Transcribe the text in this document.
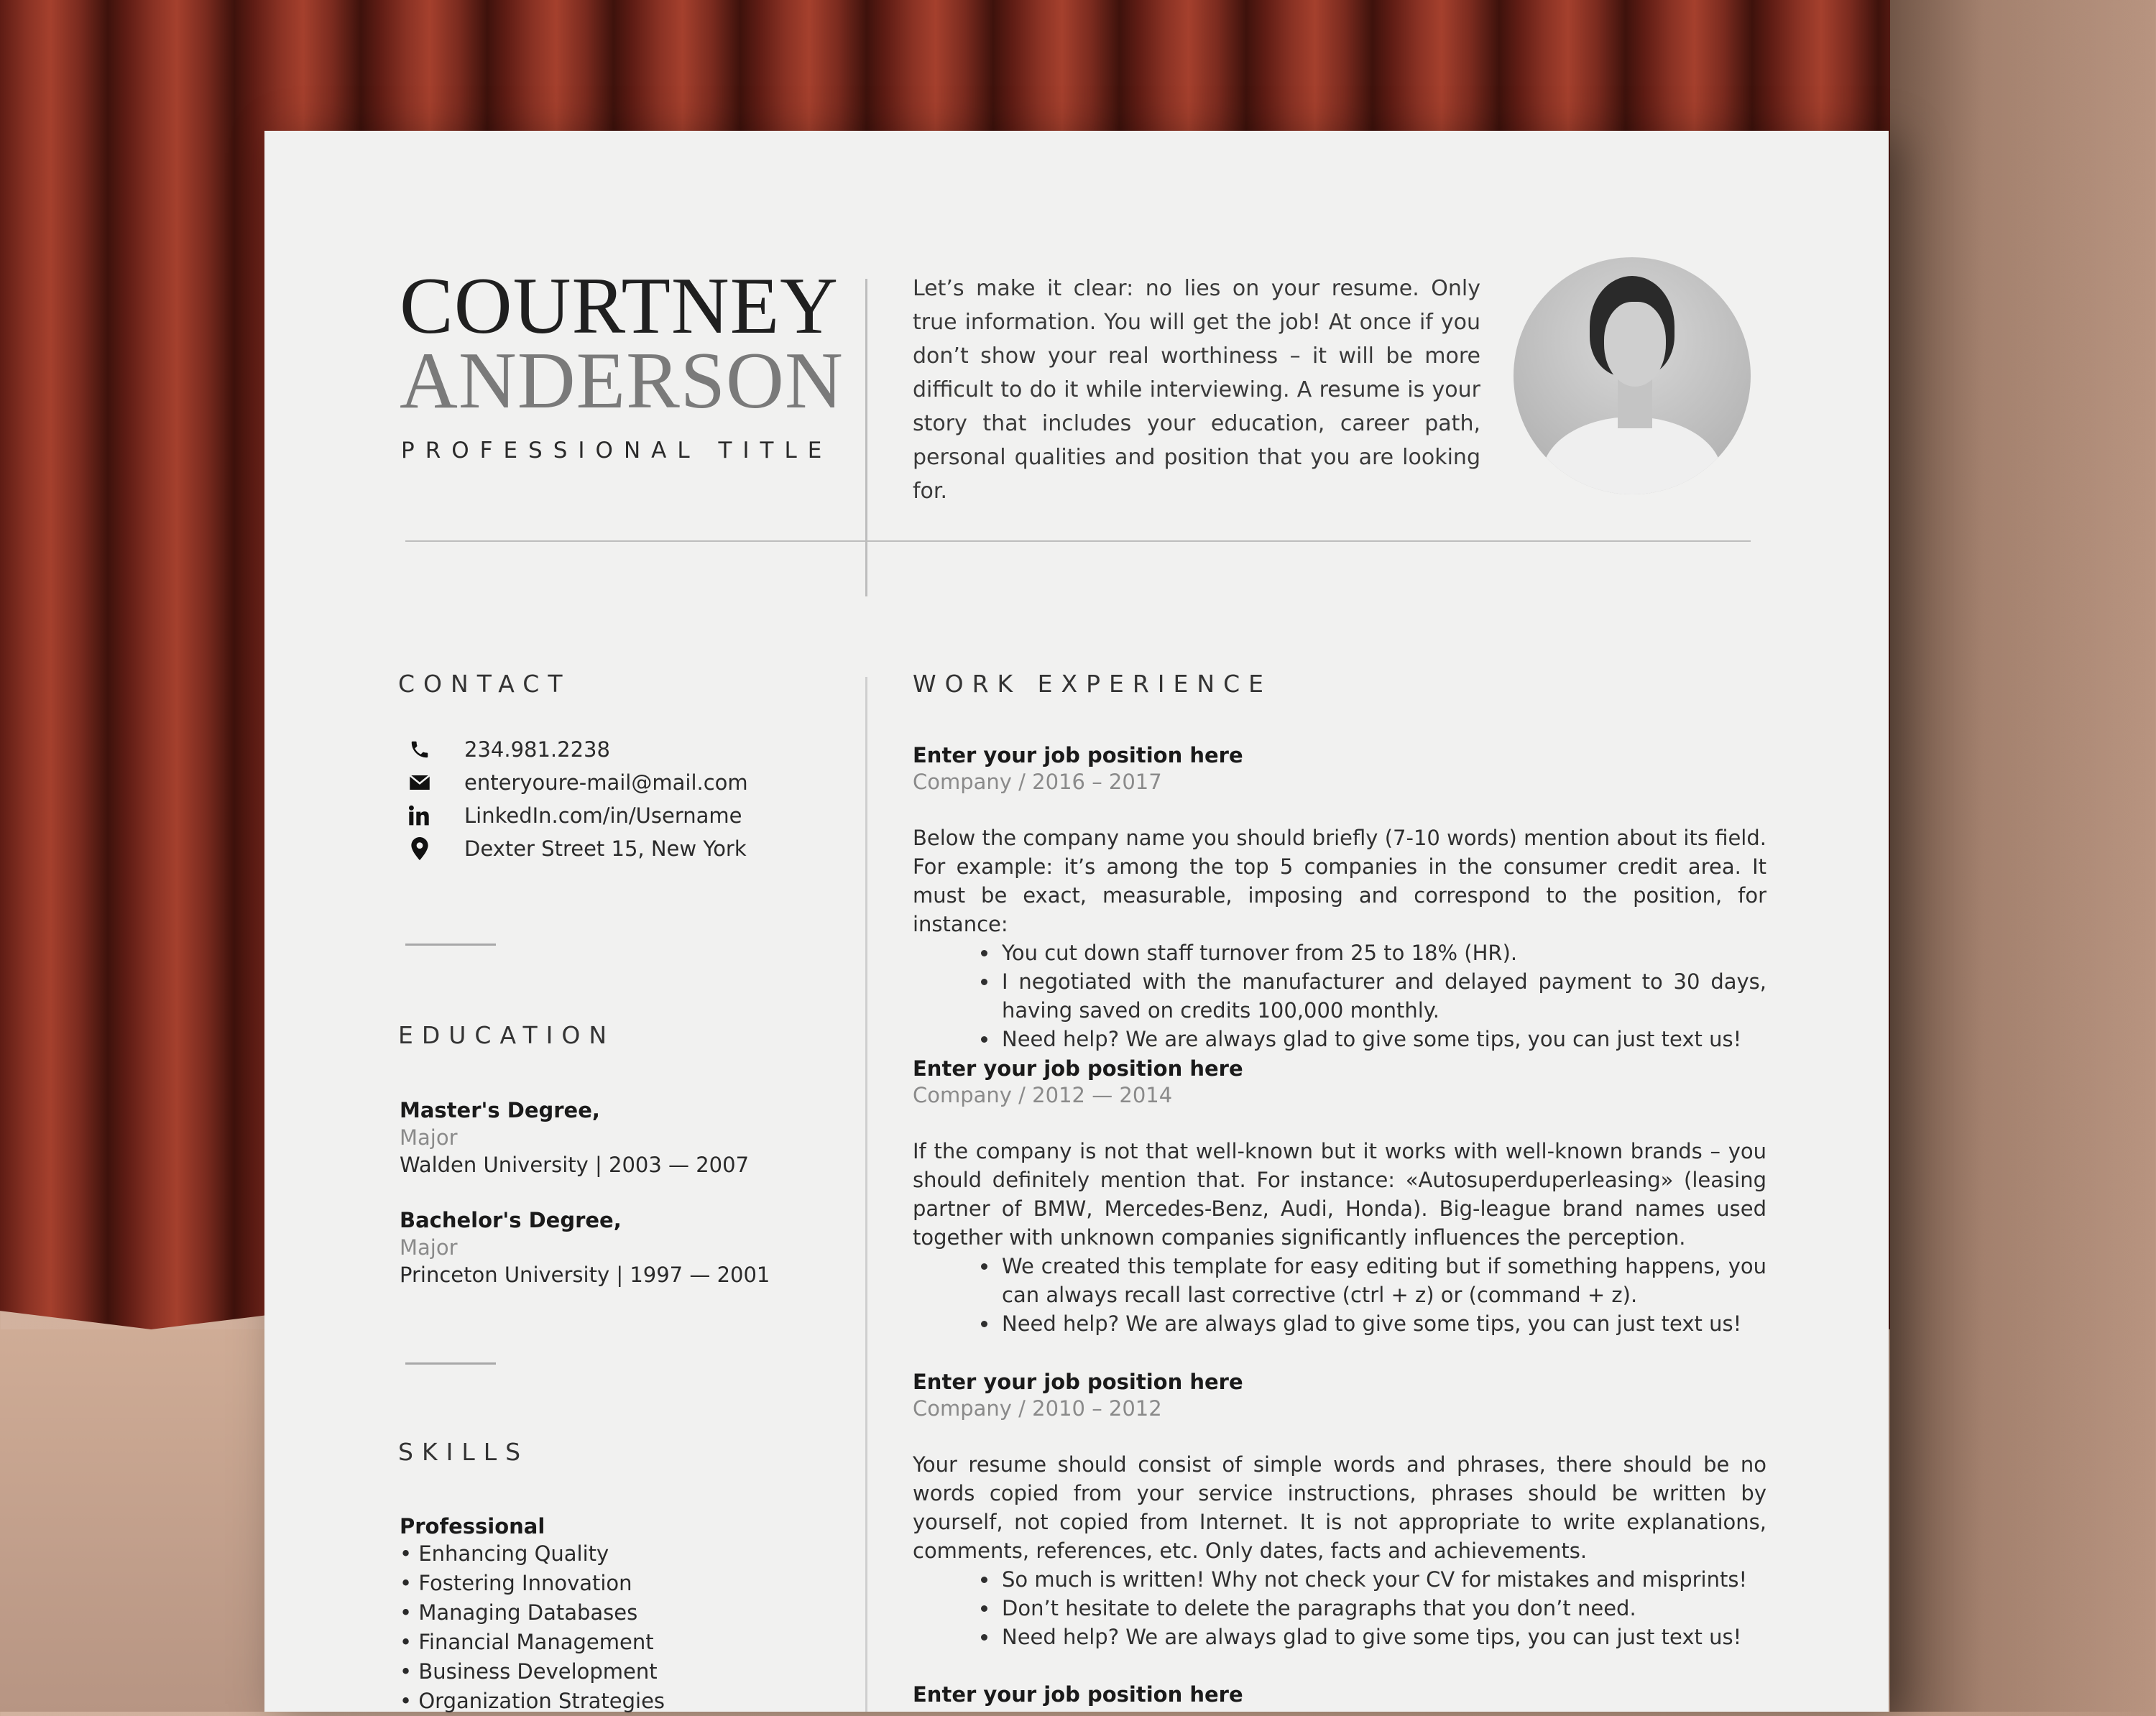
COURTNEY
ANDERSON
PROFESSIONAL TITLE

Let’s make it clear: no lies on your resume. Only true information. You will get the job! At once if you don’t show your real worthiness – it will be more difficult to do it while interviewing. A resume is your story that includes your education, career path, personal qualities and position that you are looking for.

CONTACT
234.981.2238
enteryoure-mail@mail.com
LinkedIn.com/in/Username
Dexter Street 15, New York
EDUCATION
Master's Degree,
Major
Walden University | 2003 — 2007
Bachelor's Degree,
Major
Princeton University | 1997 — 2001
SKILLS
Professional
• Enhancing Quality
• Fostering Innovation
• Managing Databases
• Financial Management
• Business Development
• Organization Strategies
WORK EXPERIENCE
Enter your job position here
Company / 2016 – 2017

Below the company name you should briefly (7-10 words) mention about its field. For example: it’s among the top 5 companies in the consumer credit area. It must be exact, measurable, imposing and correspond to the position, for instance:

• You cut down staff turnover from 25 to 18% (HR).
• I negotiated with the manufacturer and delayed payment to 30 days, having saved on credits 100,000 monthly.
• Need help? We are always glad to give some tips, you can just text us!
Enter your job position here
Company / 2012 — 2014

If the company is not that well-known but it works with well-known brands – you should definitely mention that. For instance: «Autosuperduperleasing» (leasing partner of BMW, Mercedes-Benz, Audi, Honda). Big-league brand names used together with unknown companies significantly influences the perception.

• We created this template for easy editing but if something happens, you can always recall last corrective (ctrl + z) or (command + z).
• Need help? We are always glad to give some tips, you can just text us!
Enter your job position here
Company / 2010 – 2012

Your resume should consist of simple words and phrases, there should be no words copied from your service instructions, phrases should be written by yourself, not copied from Internet. It is not appropriate to write explanations, comments, references, etc. Only dates, facts and achievements.

• So much is written! Why not check your CV for mistakes and misprints!
• Don’t hesitate to delete the paragraphs that you don’t need.
• Need help? We are always glad to give some tips, you can just text us!
Enter your job position here
